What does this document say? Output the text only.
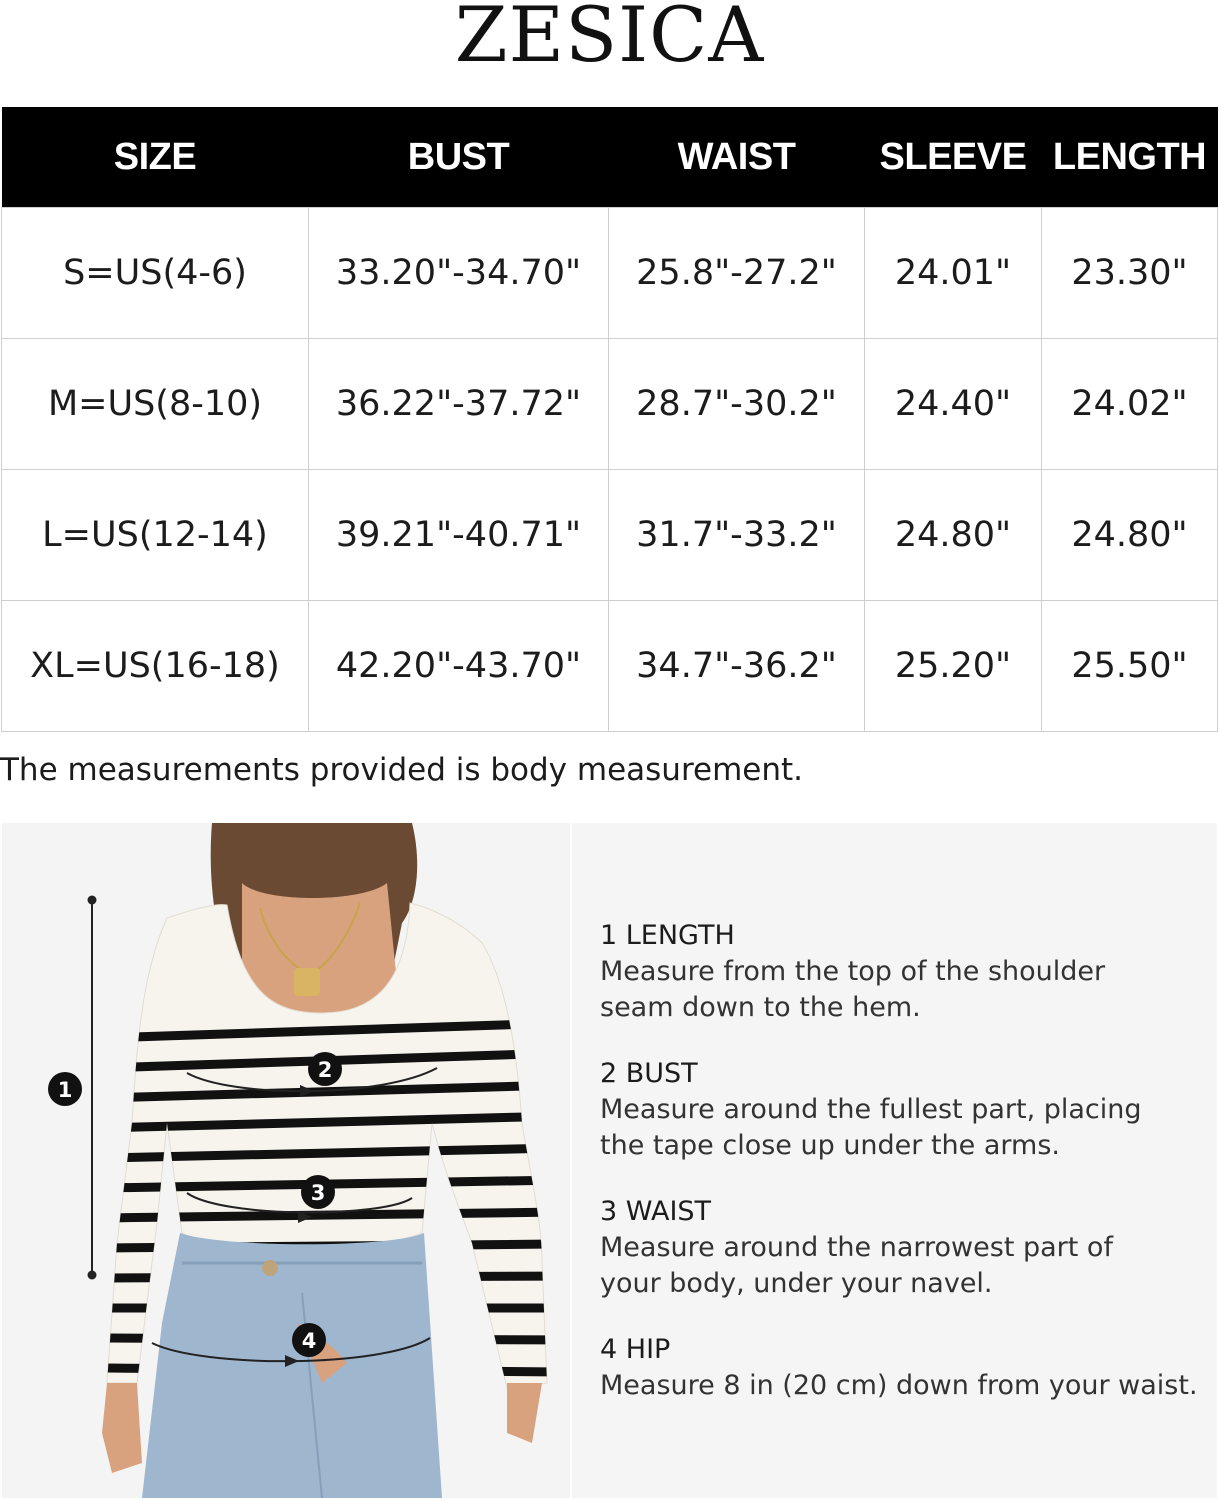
ZESICA
SIZE	BUST	WAIST	SLEEVE	LENGTH
S=US(4-6)	33.20"-34.70"	25.8"-27.2"	24.01"	23.30"
M=US(8-10)	36.22"-37.72"	28.7"-30.2"	24.40"	24.02"
L=US(12-14)	39.21"-40.71"	31.7"-33.2"	24.80"	24.80"
XL=US(16-18)	42.20"-43.70"	34.7"-36.2"	25.20"	25.50"
The measurements provided is body measurement.
1
2
3
4
1 LENGTH
Measure from the top of the shoulder
seam down to the hem.
2 BUST
Measure around the fullest part, placing
the tape close up under the arms.
3 WAIST
Measure around the narrowest part of
your body, under your navel.
4 HIP
Measure 8 in (20 cm) down from your waist.
